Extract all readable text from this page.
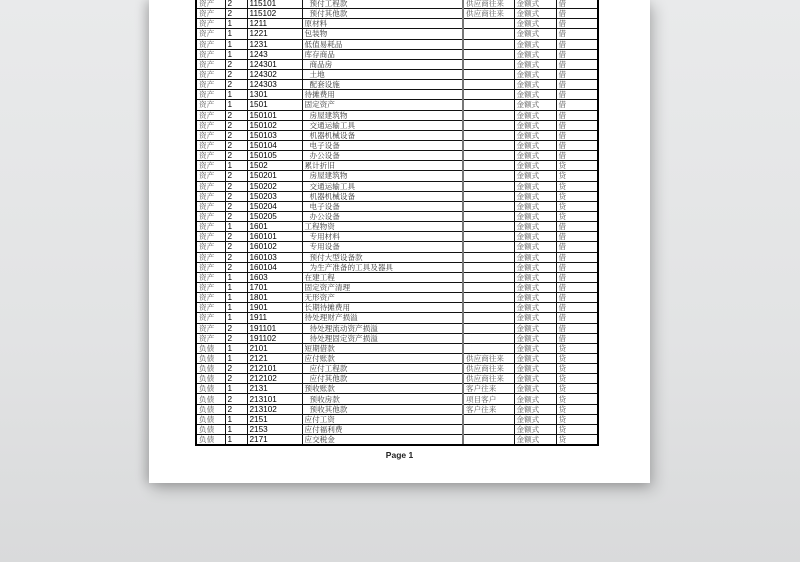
资产	2	115101	预付工程款	供应商往来	金额式	借
资产	2	115102	预付其他款	供应商往来	金额式	借
资产	1	1211	原材料		金额式	借
资产	1	1221	包装物		金额式	借
资产	1	1231	低值易耗品		金额式	借
资产	1	1243	库存商品		金额式	借
资产	2	124301	商品房		金额式	借
资产	2	124302	土地		金额式	借
资产	2	124303	配套设施		金额式	借
资产	1	1301	待摊费用		金额式	借
资产	1	1501	固定资产		金额式	借
资产	2	150101	房屋建筑物		金额式	借
资产	2	150102	交通运输工具		金额式	借
资产	2	150103	机器机械设备		金额式	借
资产	2	150104	电子设备		金额式	借
资产	2	150105	办公设备		金额式	借
资产	1	1502	累计折旧		金额式	贷
资产	2	150201	房屋建筑物		金额式	贷
资产	2	150202	交通运输工具		金额式	贷
资产	2	150203	机器机械设备		金额式	贷
资产	2	150204	电子设备		金额式	贷
资产	2	150205	办公设备		金额式	贷
资产	1	1601	工程物资		金额式	借
资产	2	160101	专用材料		金额式	借
资产	2	160102	专用设备		金额式	借
资产	2	160103	预付大型设备款		金额式	借
资产	2	160104	为生产准备的工具及器具		金额式	借
资产	1	1603	在建工程		金额式	借
资产	1	1701	固定资产清理		金额式	借
资产	1	1801	无形资产		金额式	借
资产	1	1901	长期待摊费用		金额式	借
资产	1	1911	待处理财产损溢		金额式	借
资产	2	191101	待处理流动资产损溢		金额式	借
资产	2	191102	待处理固定资产损溢		金额式	借
负债	1	2101	短期借款		金额式	贷
负债	1	2121	应付账款	供应商往来	金额式	贷
负债	2	212101	应付工程款	供应商往来	金额式	贷
负债	2	212102	应付其他款	供应商往来	金额式	贷
负债	1	2131	预收账款	客户往来	金额式	贷
负债	2	213101	预收房款	项目客户	金额式	贷
负债	2	213102	预收其他款	客户往来	金额式	贷
负债	1	2151	应付工资		金额式	贷
负债	1	2153	应付福利费		金额式	贷
负债	1	2171	应交税金		金额式	贷
Page 1
